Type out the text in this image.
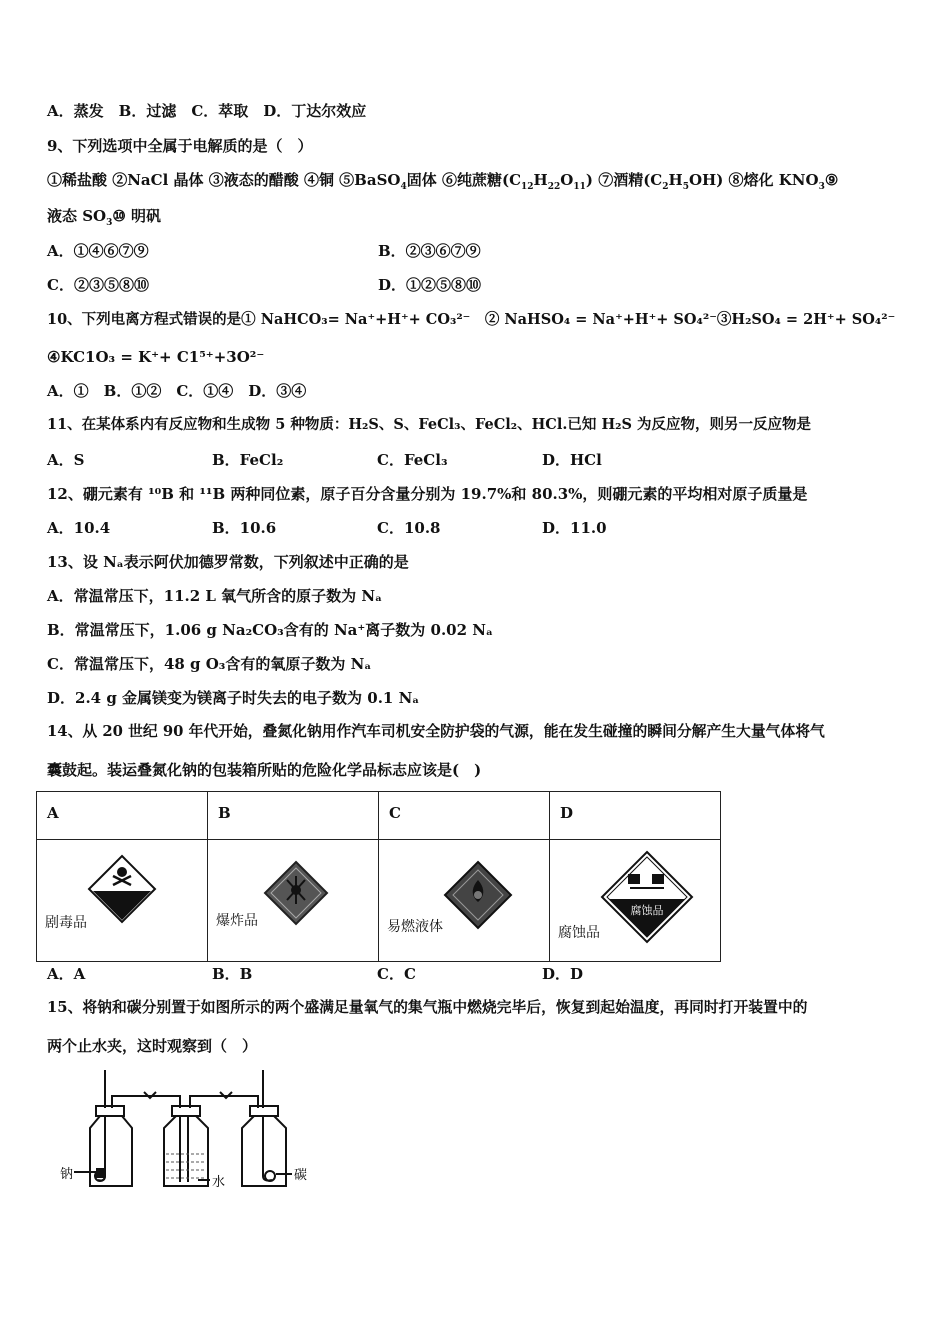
A．蒸发　B．过滤　C．萃取　D．丁达尔效应
9、下列选项中全属于电解质的是（　）
①稀盐酸 ②NaCl 晶体 ③液态的醋酸 ④铜 ⑤BaSO$_4$固体 ⑥纯蔗糖$(C_{12}H_{22}O_{11})$ ⑦酒精$(C_2H_5OH)$ ⑧熔化 $KNO_3⑨$
液态 $SO_3⑩$ 明矾
A．①④⑥⑦⑨	B．②③⑥⑦⑨
C．②③⑤⑧⑩	D．①②⑤⑧⑩
10、下列电离方程式错误的是① NaHCO₃= Na⁺+H⁺+ CO₃²⁻　② NaHSO₄ = Na⁺+H⁺+ SO₄²⁻③H₂SO₄ = 2H⁺+ SO₄²⁻
④KC1O₃ = K⁺+ C1⁵⁺+3O²⁻
A．①　B．①②　C．①④　D．③④
11、在某体系内有反应物和生成物 5 种物质：H₂S、S、FeCl₃、FeCl₂、HCl.已知 H₂S 为反应物，则另一反应物是
A．S	B．FeCl₂	C．FeCl₃	D．HCl
12、硼元素有 ¹⁰B 和 ¹¹B 两种同位素，原子百分含量分别为 19.7%和 80.3%，则硼元素的平均相对原子质量是
A．10.4	B．10.6	C．10.8	D．11.0
13、设 Nₐ表示阿伏加德罗常数，下列叙述中正确的是
A．常温常压下，11.2 L 氧气所含的原子数为 Nₐ
B．常温常压下，1.06 g Na₂CO₃含有的 Na⁺离子数为 0.02 Nₐ
C．常温常压下，48 g O₃含有的氧原子数为 Nₐ
D．2.4 g 金属镁变为镁离子时失去的电子数为 0.1 Nₐ
14、从 20 世纪 90 年代开始，叠氮化钠用作汽车司机安全防护袋的气源，能在发生碰撞的瞬间分解产生大量气体将气
囊鼓起。装运叠氮化钠的包装箱所贴的危险化学品标志应该是(　)
A	B	C	D

剧毒品	爆炸品	易燃液体	腐蚀品
腐蚀品
A．A	B．B	C．C	D．D
15、将钠和碳分别置于如图所示的两个盛满足量氧气的集气瓶中燃烧完毕后，恢复到起始温度，再同时打开装置中的
两个止水夹，这时观察到（　）
钠
水	碳
